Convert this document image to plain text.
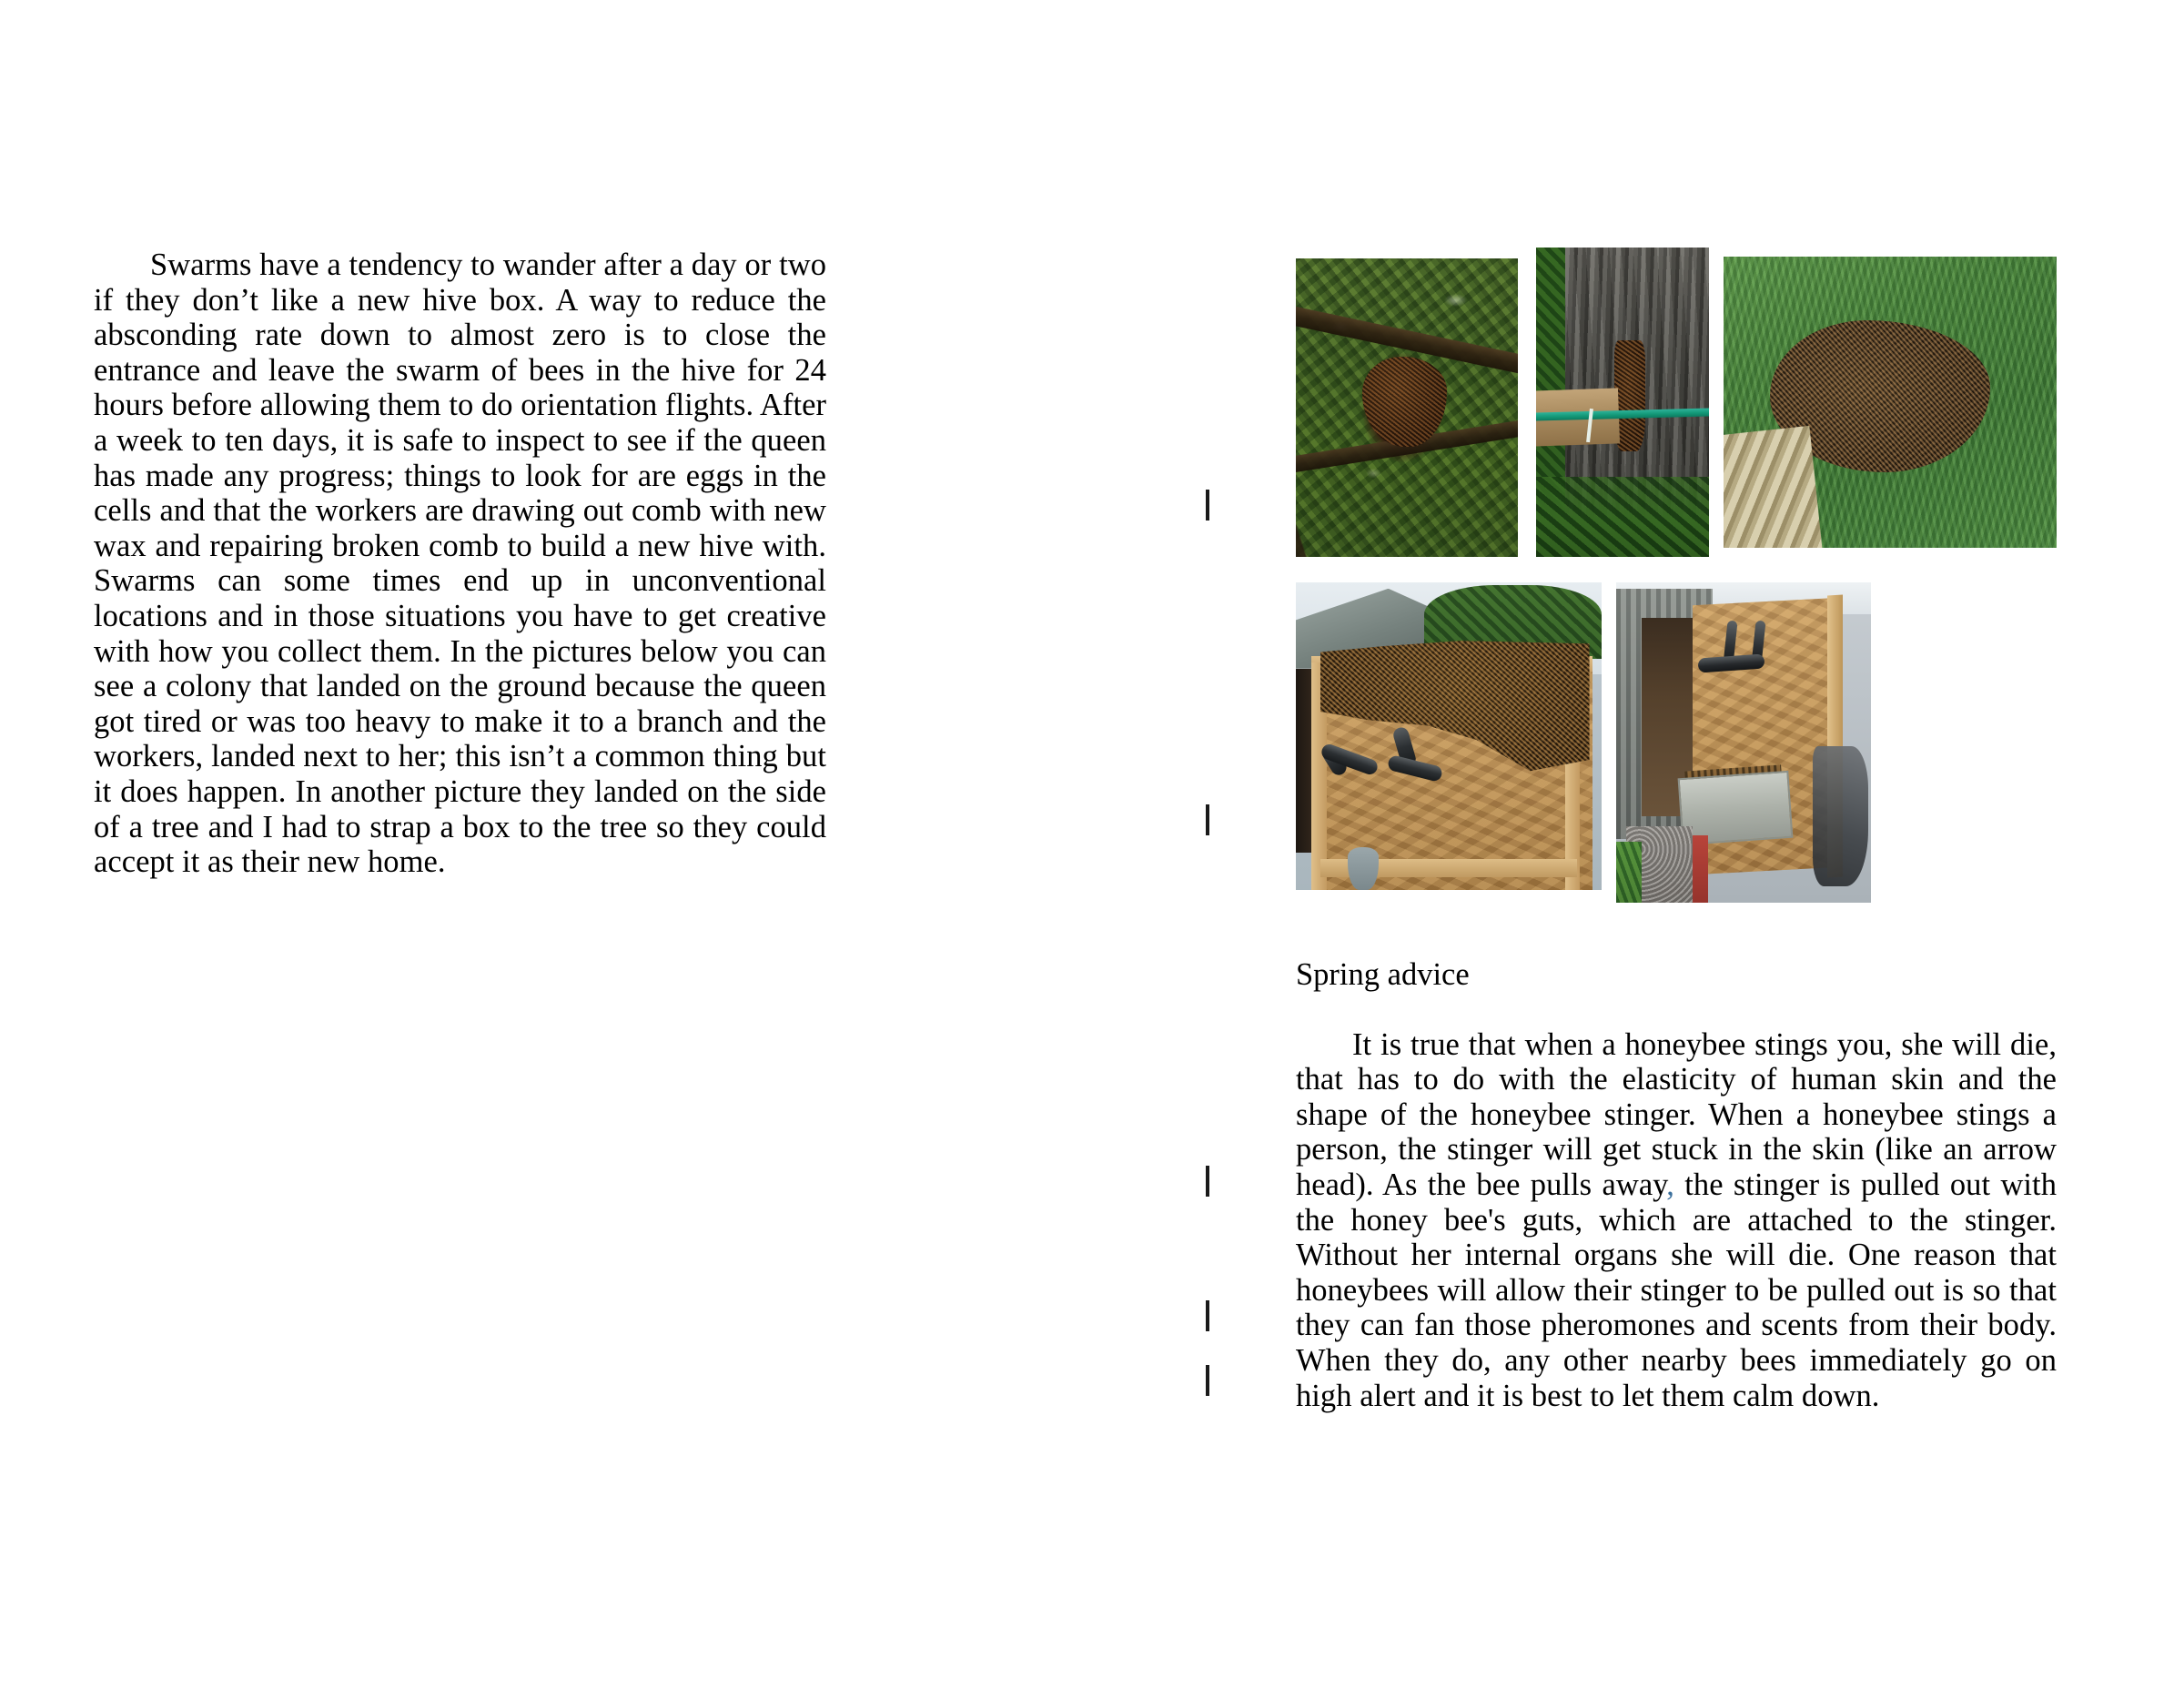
Swarms have a tendency to wander after a day or two if they don’t like a new hive box. A way to reduce the absconding rate down to almost zero is to close the entrance and leave the swarm of bees in the hive for 24 hours before allowing them to do orientation flights. After a week to ten days, it is safe to inspect to see if the queen has made any progress; things to look for are eggs in the cells and that the workers are drawing out comb with new wax and repairing broken comb to build a new hive with. Swarms can some times end up in unconventional locations and in those situations you have to get creative with how you collect them. In the pictures below you can see a colony that landed on the ground because the queen got tired or was too heavy to make it to a branch and the workers, landed next to her; this isn’t a common thing but it does happen. In another picture they landed on the side of a tree and I had to strap a box to the tree so they could accept it as their new home.

Spring advice

It is true that when a honeybee stings you, she will die, that has to do with the elasticity of human skin and the shape of the honeybee stinger. When a honeybee stings a person, the stinger will get stuck in the skin (like an arrow head). As the bee pulls away, the stinger is pulled out with the honey bee's guts, which are attached to the stinger. Without her internal organs she will die. One reason that honeybees will allow their stinger to be pulled out is so that they can fan those pheromones and scents from their body. When they do, any other nearby bees immediately go on high alert and it is best to let them calm down.
